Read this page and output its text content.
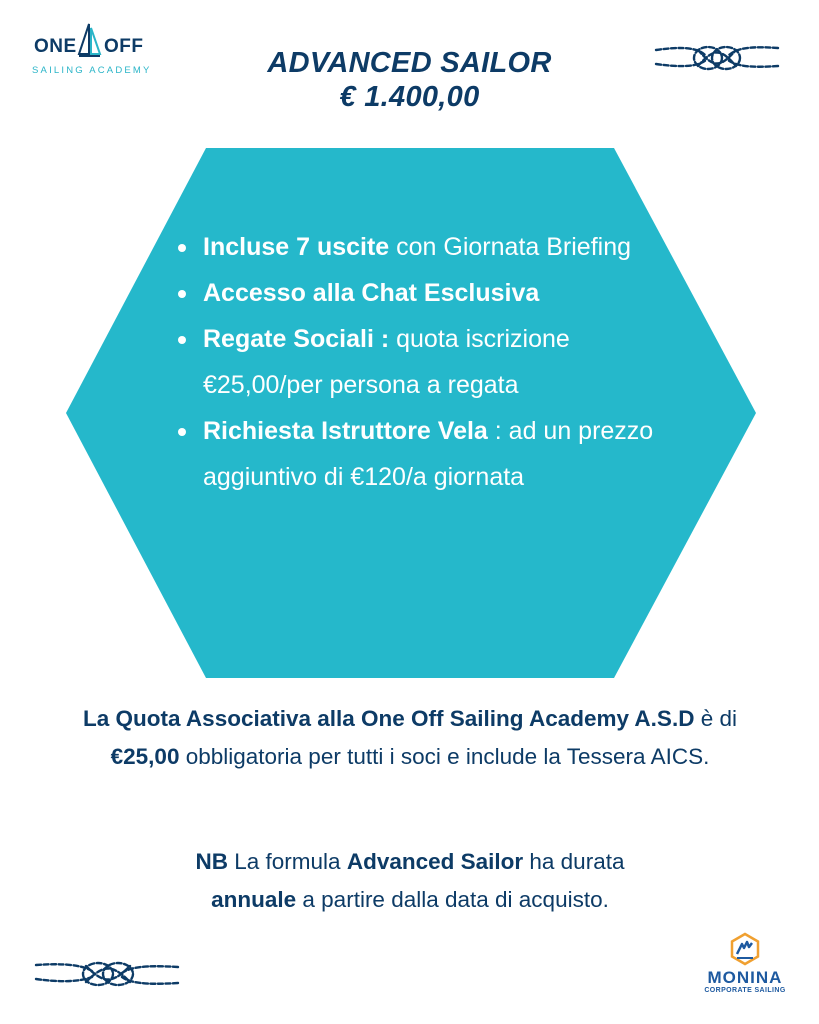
ONE OFF
SAILING ACADEMY	ADVANCED SAILOR
€ 1.400,00
Incluse 7 uscite con Giornata Briefing
Accesso alla Chat Esclusiva
Regate Sociali : quota iscrizione €25,00/per persona a regata
Richiesta Istruttore Vela : ad un prezzo aggiuntivo di €120/a giornata

La Quota Associativa alla One Off Sailing Academy A.S.D è di €25,00 obbligatoria per tutti i soci e include la Tessera AICS.

NB La formula Advanced Sailor ha durata
annuale a partire dalla data di acquisto.

MONINA
CORPORATE SAILING
